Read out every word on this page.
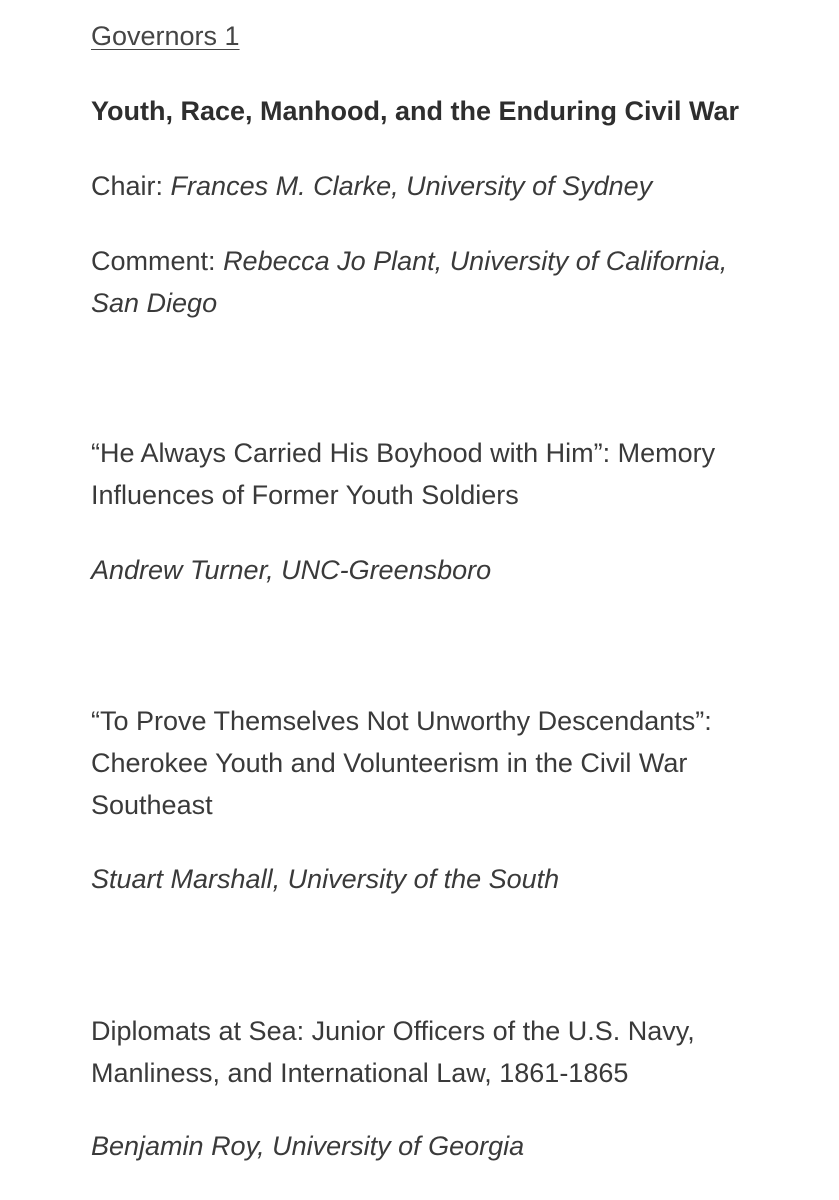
Governors 1
Youth, Race, Manhood, and the Enduring Civil War
Chair: Frances M. Clarke, University of Sydney
Comment: Rebecca Jo Plant, University of California,
San Diego
“He Always Carried His Boyhood with Him”: Memory
Influences of Former Youth Soldiers
Andrew Turner, UNC-Greensboro
“To Prove Themselves Not Unworthy Descendants”:
Cherokee Youth and Volunteerism in the Civil War
Southeast
Stuart Marshall, University of the South
Diplomats at Sea: Junior Officers of the U.S. Navy,
Manliness, and International Law, 1861-1865
Benjamin Roy, University of Georgia
